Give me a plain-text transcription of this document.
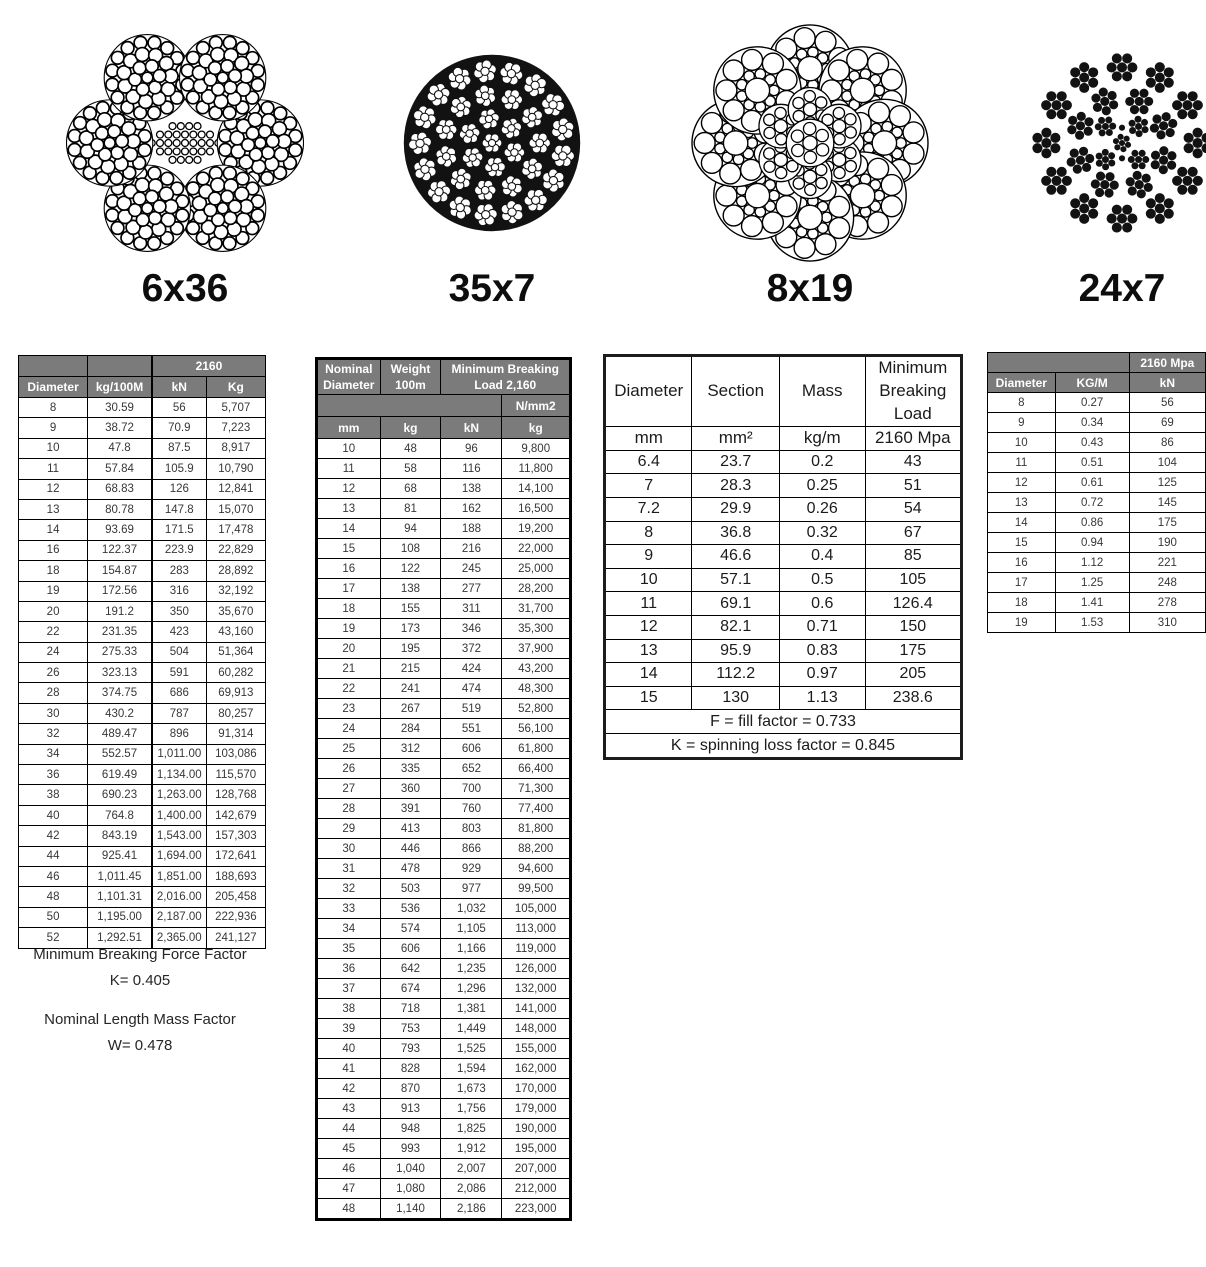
6x36	35x7	8x19	24x7
		2160	
Diameter	kg/100M	kN	Kg
8	30.59	56	5,707
9	38.72	70.9	7,223
10	47.8	87.5	8,917
11	57.84	105.9	10,790
12	68.83	126	12,841
13	80.78	147.8	15,070
14	93.69	171.5	17,478
16	122.37	223.9	22,829
18	154.87	283	28,892
19	172.56	316	32,192
20	191.2	350	35,670
22	231.35	423	43,160
24	275.33	504	51,364
26	323.13	591	60,282
28	374.75	686	69,913
30	430.2	787	80,257
32	489.47	896	91,314
34	552.57	1,011.00	103,086
36	619.49	1,134.00	115,570
38	690.23	1,263.00	128,768
40	764.8	1,400.00	142,679
42	843.19	1,543.00	157,303
44	925.41	1,694.00	172,641
46	1,011.45	1,851.00	188,693
48	1,101.31	2,016.00	205,458
50	1,195.00	2,187.00	222,936
52	1,292.51	2,365.00	241,127
Minimum Breaking Force Factor
K= 0.405
Nominal Length Mass Factor
W= 0.478
Nominal Diameter	Weight 100m	Minimum Breaking Load 2,160	
			N/mm2
mm	kg	kN	kg
10	48	96	9,800
11	58	116	11,800
12	68	138	14,100
13	81	162	16,500
14	94	188	19,200
15	108	216	22,000
16	122	245	25,000
17	138	277	28,200
18	155	311	31,700
19	173	346	35,300
20	195	372	37,900
21	215	424	43,200
22	241	474	48,300
23	267	519	52,800
24	284	551	56,100
25	312	606	61,800
26	335	652	66,400
27	360	700	71,300
28	391	760	77,400
29	413	803	81,800
30	446	866	88,200
31	478	929	94,600
32	503	977	99,500
33	536	1,032	105,000
34	574	1,105	113,000
35	606	1,166	119,000
36	642	1,235	126,000
37	674	1,296	132,000
38	718	1,381	141,000
39	753	1,449	148,000
40	793	1,525	155,000
41	828	1,594	162,000
42	870	1,673	170,000
43	913	1,756	179,000
44	948	1,825	190,000
45	993	1,912	195,000
46	1,040	2,007	207,000
47	1,080	2,086	212,000
48	1,140	2,186	223,000
Diameter	Section	Mass	Minimum Breaking Load
mm	mm²	kg/m	2160 Mpa
6.4	23.7	0.2	43
7	28.3	0.25	51
7.2	29.9	0.26	54
8	36.8	0.32	67
9	46.6	0.4	85
10	57.1	0.5	105
11	69.1	0.6	126.4
12	82.1	0.71	150
13	95.9	0.83	175
14	112.2	0.97	205
15	130	1.13	238.6
F = fill factor = 0.733			
K = spinning loss factor = 0.845			
		2160 Mpa
Diameter	KG/M	kN
8	0.27	56
9	0.34	69
10	0.43	86
11	0.51	104
12	0.61	125
13	0.72	145
14	0.86	175
15	0.94	190
16	1.12	221
17	1.25	248
18	1.41	278
19	1.53	310
